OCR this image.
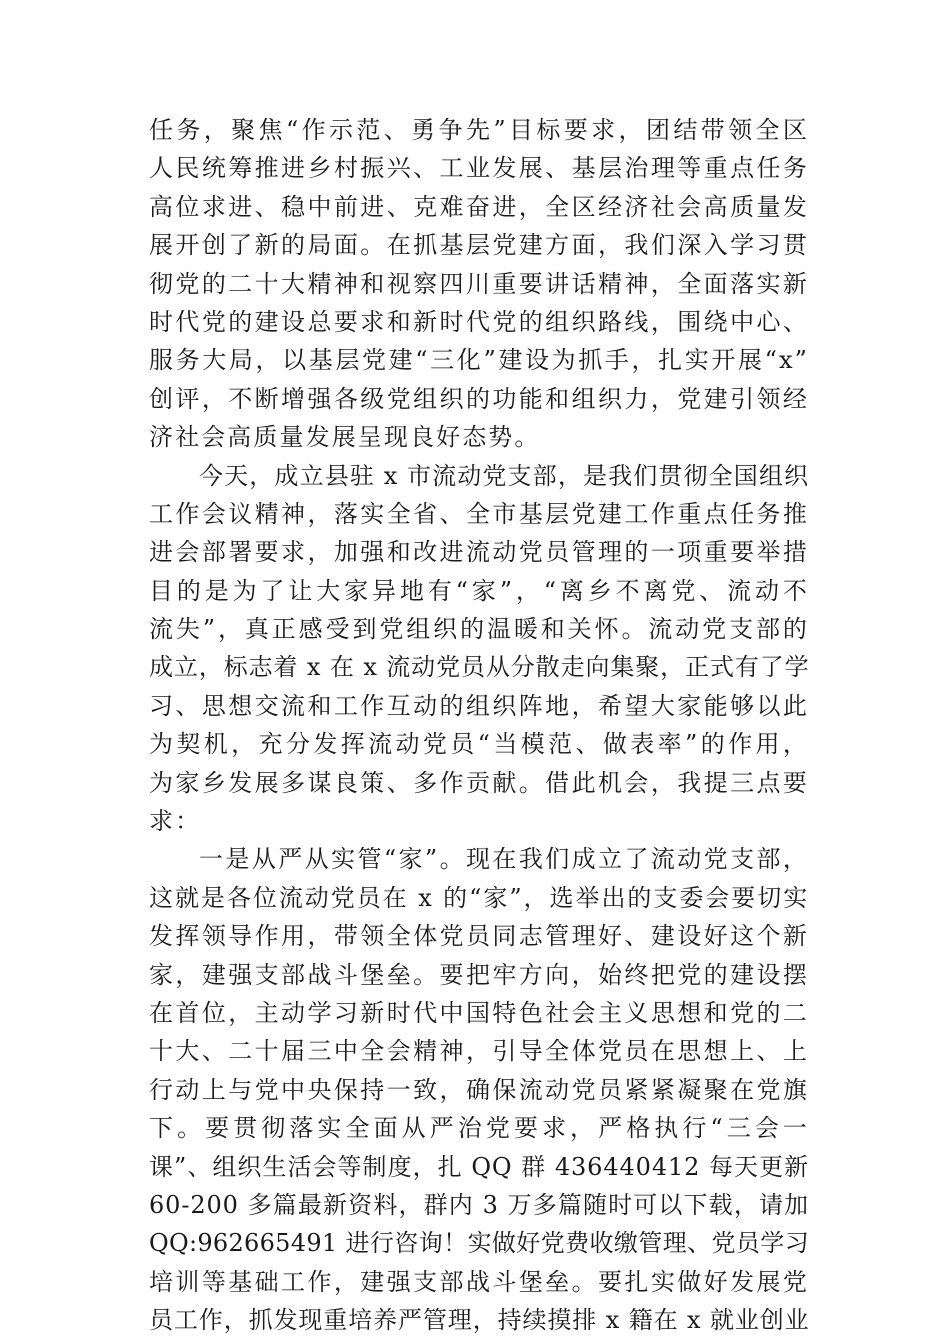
任务，聚焦“作示范、勇争先”目标要求，团结带领全区
人民统筹推进乡村振兴、工业发展、基层治理等重点任务
高位求进、稳中前进、克难奋进，全区经济社会高质量发
展开创了新的局面。在抓基层党建方面，我们深入学习贯
彻党的二十大精神和视察四川重要讲话精神，全面落实新
时代党的建设总要求和新时代党的组织路线，围绕中心、
服务大局，以基层党建“三化”建设为抓手，扎实开展“x”
创评，不断增强各级党组织的功能和组织力，党建引领经
济社会高质量发展呈现良好态势。
今天，成立县驻 x 市流动党支部，是我们贯彻全国组织
工作会议精神，落实全省、全市基层党建工作重点任务推
进会部署要求，加强和改进流动党员管理的一项重要举措
目的是为了让大家异地有“家”，“离乡不离党、流动不
流失”，真正感受到党组织的温暖和关怀。流动党支部的
成立，标志着 x 在 x 流动党员从分散走向集聚，正式有了学
习、思想交流和工作互动的组织阵地，希望大家能够以此
为契机，充分发挥流动党员“当模范、做表率”的作用，
为家乡发展多谋良策、多作贡献。借此机会，我提三点要
求：
一是从严从实管“家”。现在我们成立了流动党支部，
这就是各位流动党员在 x 的“家”，选举出的支委会要切实
发挥领导作用，带领全体党员同志管理好、建设好这个新
家，建强支部战斗堡垒。要把牢方向，始终把党的建设摆
在首位，主动学习新时代中国特色社会主义思想和党的二
十大、二十届三中全会精神，引导全体党员在思想上、上
行动上与党中央保持一致，确保流动党员紧紧凝聚在党旗
下。要贯彻落实全面从严治党要求，严格执行“三会一
课”、组织生活会等制度，扎 QQ 群 436440412 每天更新
60-200 多篇最新资料，群内 3 万多篇随时可以下载，请加
QQ:962665491 进行咨询！实做好党费收缴管理、党员学习
培训等基础工作，建强支部战斗堡垒。要扎实做好发展党
员工作，抓发现重培养严管理，持续摸排 x 籍在 x 就业创业
